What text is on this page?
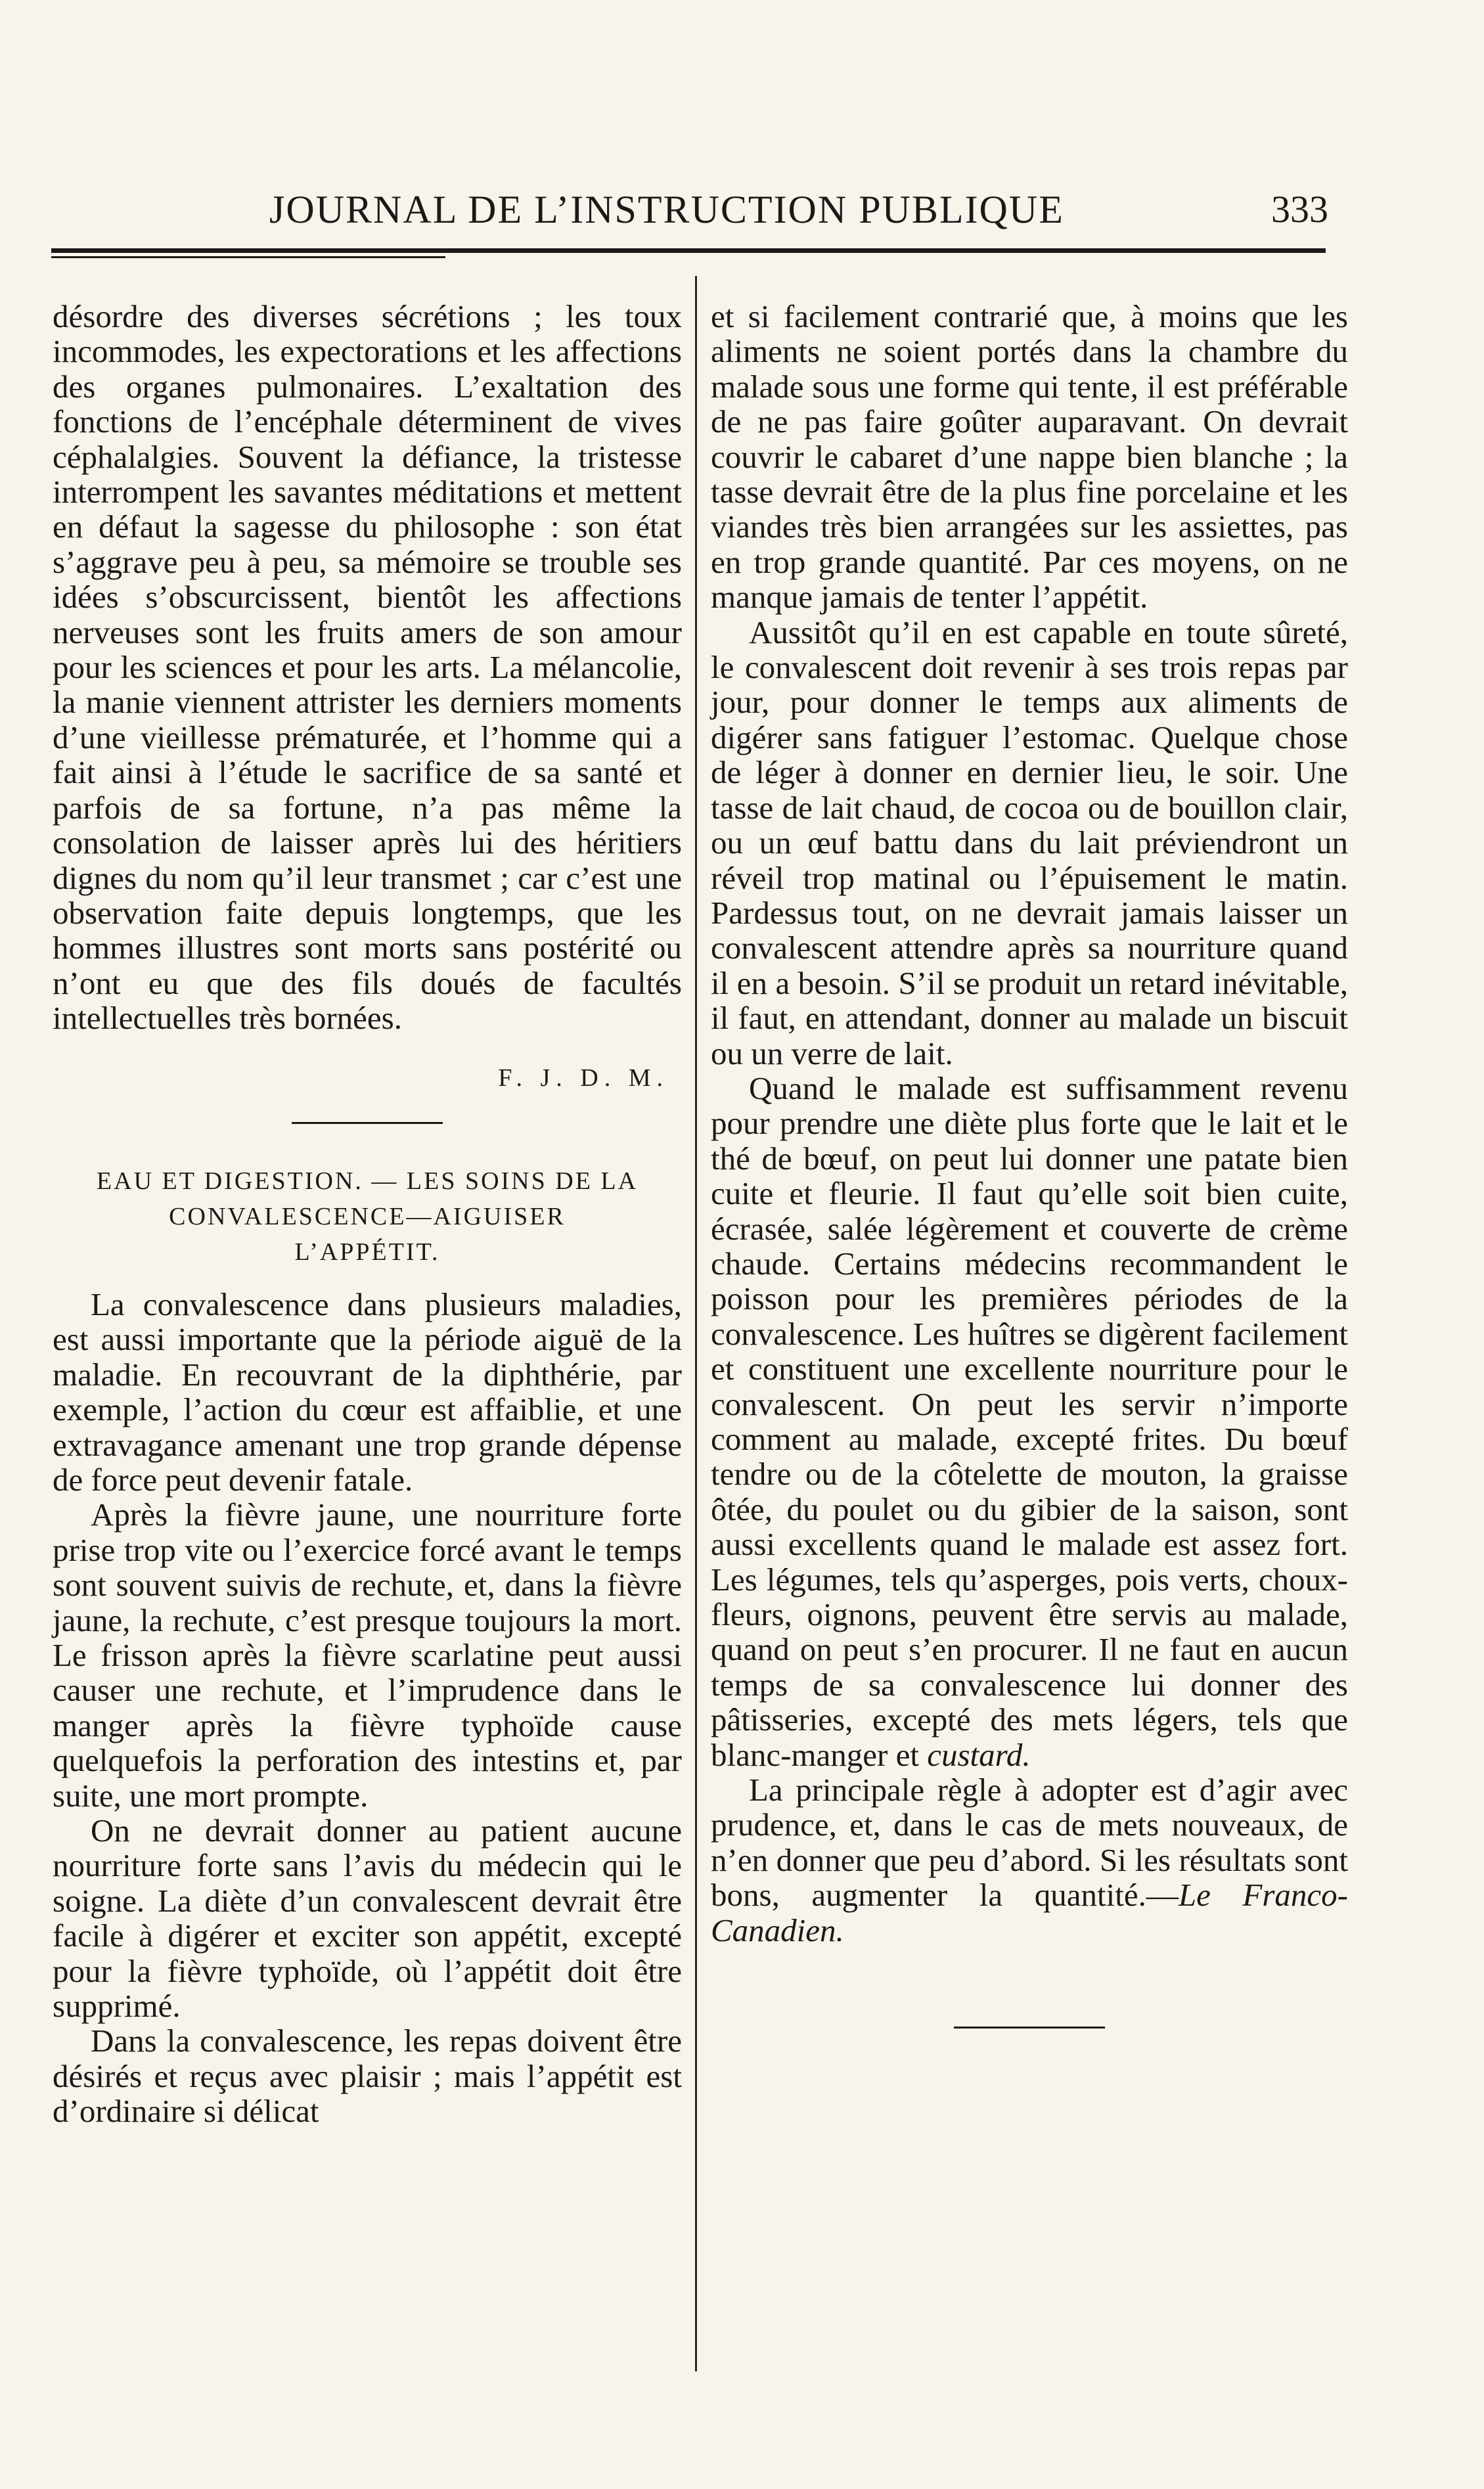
JOURNAL DE L’INSTRUCTION PUBLIQUE	333

désordre des diverses sécrétions ; les toux incommodes, les expectorations et les affections des organes pulmonaires. L’exaltation des fonctions de l’encéphale déterminent de vives céphalalgies. Souvent la défiance, la tristesse interrompent les savantes méditations et mettent en défaut la sagesse du philosophe : son état s’aggrave peu à peu, sa mémoire se trouble ses idées s’obscurcissent, bientôt les affections nerveuses sont les fruits amers de son amour pour les sciences et pour les arts. La mélancolie, la manie viennent attrister les derniers moments d’une vieillesse prématurée, et l’homme qui a fait ainsi à l’étude le sacrifice de sa santé et parfois de sa fortune, n’a pas même la consolation de laisser après lui des héritiers dignes du nom qu’il leur transmet ; car c’est une observation faite depuis longtemps, que les hommes illustres sont morts sans postérité ou n’ont eu que des fils doués de facultés intellectuelles très bornées.

F. J. D. M.

EAU ET DIGESTION. — LES SOINS DE LA

CONVALESCENCE—AIGUISER

L’APPÉTIT.

La convalescence dans plusieurs maladies, est aussi importante que la période aiguë de la maladie. En recouvrant de la diphthérie, par exemple, l’action du cœur est affaiblie, et une extravagance amenant une trop grande dépense de force peut devenir fatale.

Après la fièvre jaune, une nourriture forte prise trop vite ou l’exercice forcé avant le temps sont souvent suivis de rechute, et, dans la fièvre jaune, la rechute, c’est presque toujours la mort. Le frisson après la fièvre scarlatine peut aussi causer une rechute, et l’imprudence dans le manger après la fièvre typhoïde cause quelquefois la perforation des intestins et, par suite, une mort prompte.

On ne devrait donner au patient aucune nourriture forte sans l’avis du médecin qui le soigne. La diète d’un convalescent devrait être facile à digérer et exciter son appétit, excepté pour la fièvre typhoïde, où l’appétit doit être supprimé.

Dans la convalescence, les repas doivent être désirés et reçus avec plaisir ; mais l’appétit est d’ordinaire si délicat

et si facilement contrarié que, à moins que les aliments ne soient portés dans la chambre du malade sous une forme qui tente, il est préférable de ne pas faire goûter auparavant. On devrait couvrir le cabaret d’une nappe bien blanche ; la tasse devrait être de la plus fine porcelaine et les viandes très bien arrangées sur les assiettes, pas en trop grande quantité. Par ces moyens, on ne manque jamais de tenter l’appétit.

Aussitôt qu’il en est capable en toute sûreté, le convalescent doit revenir à ses trois repas par jour, pour donner le temps aux aliments de digérer sans fatiguer l’estomac. Quelque chose de léger à donner en dernier lieu, le soir. Une tasse de lait chaud, de cocoa ou de bouillon clair, ou un œuf battu dans du lait préviendront un réveil trop matinal ou l’épuisement le matin. Pardessus tout, on ne devrait jamais laisser un convalescent attendre après sa nourriture quand il en a besoin. S’il se produit un retard inévitable, il faut, en attendant, donner au malade un biscuit ou un verre de lait.

Quand le malade est suffisamment revenu pour prendre une diète plus forte que le lait et le thé de bœuf, on peut lui donner une patate bien cuite et fleurie. Il faut qu’elle soit bien cuite, écrasée, salée légèrement et couverte de crème chaude. Certains médecins recommandent le poisson pour les premières périodes de la convalescence. Les huîtres se digèrent facilement et constituent une excellente nourriture pour le convalescent. On peut les servir n’importe comment au malade, excepté frites. Du bœuf tendre ou de la côtelette de mouton, la graisse ôtée, du poulet ou du gibier de la saison, sont aussi excellents quand le malade est assez fort. Les légumes, tels qu’asperges, pois verts, choux-fleurs, oignons, peuvent être servis au malade, quand on peut s’en procurer. Il ne faut en aucun temps de sa convalescence lui donner des pâtisseries, excepté des mets légers, tels que blanc-manger et custard.

La principale règle à adopter est d’agir avec prudence, et, dans le cas de mets nouveaux, de n’en donner que peu d’abord. Si les résultats sont bons, augmenter la quantité.—Le Franco-Canadien.
